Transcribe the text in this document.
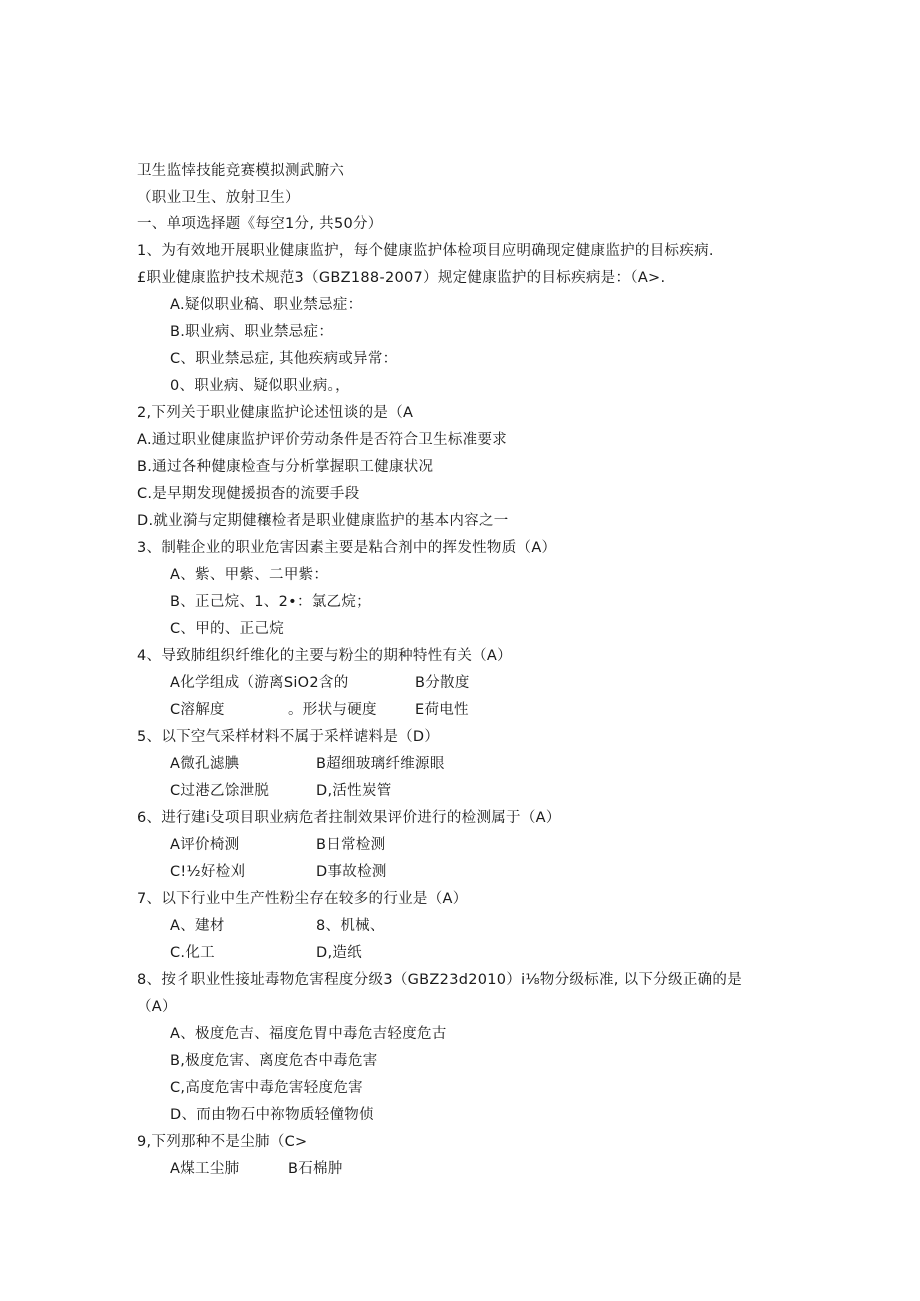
卫生监悻技能竞赛模拟测武腑六
（职业卫生、放射卫生）
一、单项选择题《每空1分, 共50分）
1、为有效地开展职业健康监护，每个健康监护体检项目应明确现定健康监护的目标疾病.
£职业健康监护技术规范3（GBZ188-2007）规定健康监护的目标疾病是：（A>.
A.疑似职业稿、职业禁忌症：
B.职业病、职业禁忌症：
C、职业禁忌症, 其他疾病或异常：
0、职业病、疑似职业病。，
2,下列关于职业健康监护论述忸谈的是（A
A.通过职业健康监护评价劳动条件是否符合卫生标准要求
B.通过各种健康检查与分析掌握职工健康状况
C.是早期发现健援损杳的流要手段
D.就业漪与定期健穰检者是职业健康监护的基本内容之一
3、制鞋企业的职业危害因素主要是粘合剂中的挥发性物质（A）
A、紫、甲紫、二甲紫：
B、正己烷、1、2•：氯乙烷；
C、甲的、正己烷
4、导致肺组织纤维化的主要与粉尘的期种特性有关（A）
A化学组成（游离SiO2含的	B分散度
C溶解度	。形状与硬度	E荷电性
5、以下空气采样材料不属于采样谑料是（D）
A微孔滤腆	B超细玻璃纤维源眼
C过港乙馀泄脱	D,活性炭管
6、进行建i殳项目职业病危者拄制效果评价进行的检测属于（A）
A评价椅测	B日常检测
C!½好检刈	D事故检测
7、以下行业中生产性粉尘存在较多的行业是（A）
A、建材	8、机械、
C.化工	D,造纸
8、按彳职业性接址毒物危害程度分级3（GBZ23d2010）i⅛物分级标准, 以下分级正确的是
（A）
A、极度危吉、福度危胃中毒危吉轻度危古
B,极度危害、离度危杏中毒危害
C,高度危害中毒危害轻度危害
D、而由物石中祢物质轻僮物侦
9,下列那种不是尘肺（C>
A煤工尘肺	B石棉肿
